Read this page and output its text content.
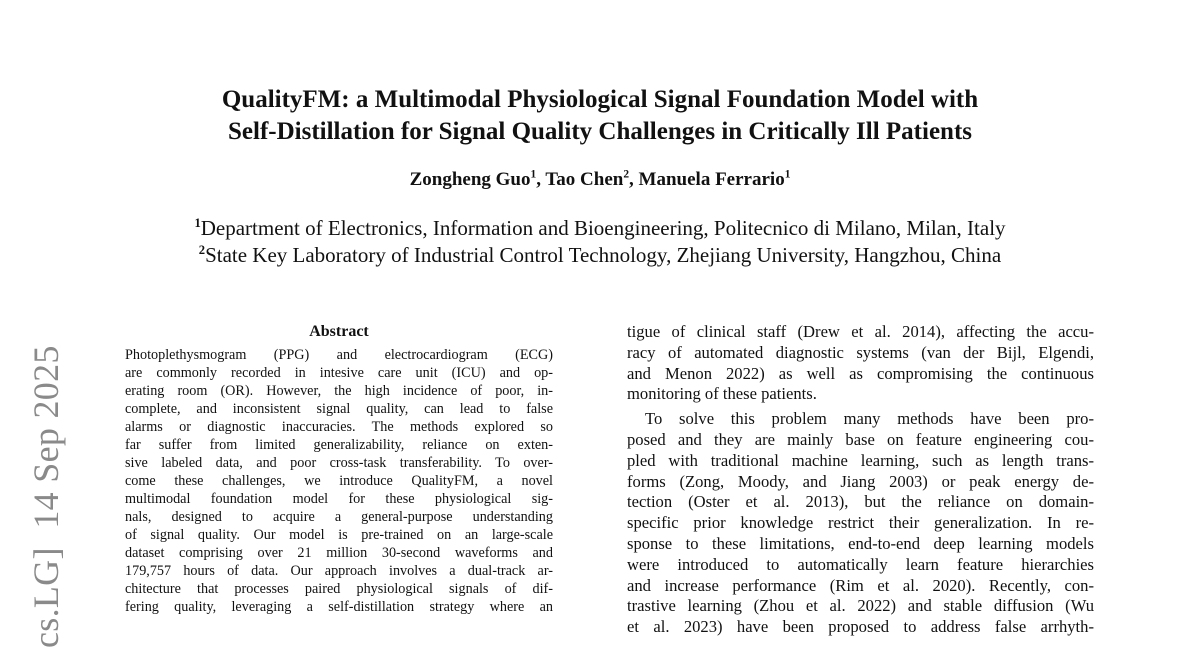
cs.LG]  14 Sep 2025
QualityFM: a Multimodal Physiological Signal Foundation Model with
Self-Distillation for Signal Quality Challenges in Critically Ill Patients
Zongheng Guo$^1$, Tao Chen$^2$, Manuela Ferrario$^1$
$^1$Department of Electronics, Information and Bioengineering, Politecnico di Milano, Milan, Italy
$^2$State Key Laboratory of Industrial Control Technology, Zhejiang University, Hangzhou, China
Abstract
Photoplethysmogram (PPG) and electrocardiogram (ECG)
are commonly recorded in intesive care unit (ICU) and op-
erating room (OR). However, the high incidence of poor, in-
complete, and inconsistent signal quality, can lead to false
alarms or diagnostic inaccuracies. The methods explored so
far suffer from limited generalizability, reliance on exten-
sive labeled data, and poor cross-task transferability. To over-
come these challenges, we introduce QualityFM, a novel
multimodal foundation model for these physiological sig-
nals, designed to acquire a general-purpose understanding
of signal quality. Our model is pre-trained on an large-scale
dataset comprising over 21 million 30-second waveforms and
179,757 hours of data. Our approach involves a dual-track ar-
chitecture that processes paired physiological signals of dif-
fering quality, leveraging a self-distillation strategy where an
tigue of clinical staff (Drew et al. 2014), affecting the accu-
racy of automated diagnostic systems (van der Bijl, Elgendi,
and Menon 2022) as well as compromising the continuous
monitoring of these patients.
To solve this problem many methods have been pro-
posed and they are mainly base on feature engineering cou-
pled with traditional machine learning, such as length trans-
forms (Zong, Moody, and Jiang 2003) or peak energy de-
tection (Oster et al. 2013), but the reliance on domain-
specific prior knowledge restrict their generalization. In re-
sponse to these limitations, end-to-end deep learning models
were introduced to automatically learn feature hierarchies
and increase performance (Rim et al. 2020). Recently, con-
trastive learning (Zhou et al. 2022) and stable diffusion (Wu
et al. 2023) have been proposed to address false arrhyth-
